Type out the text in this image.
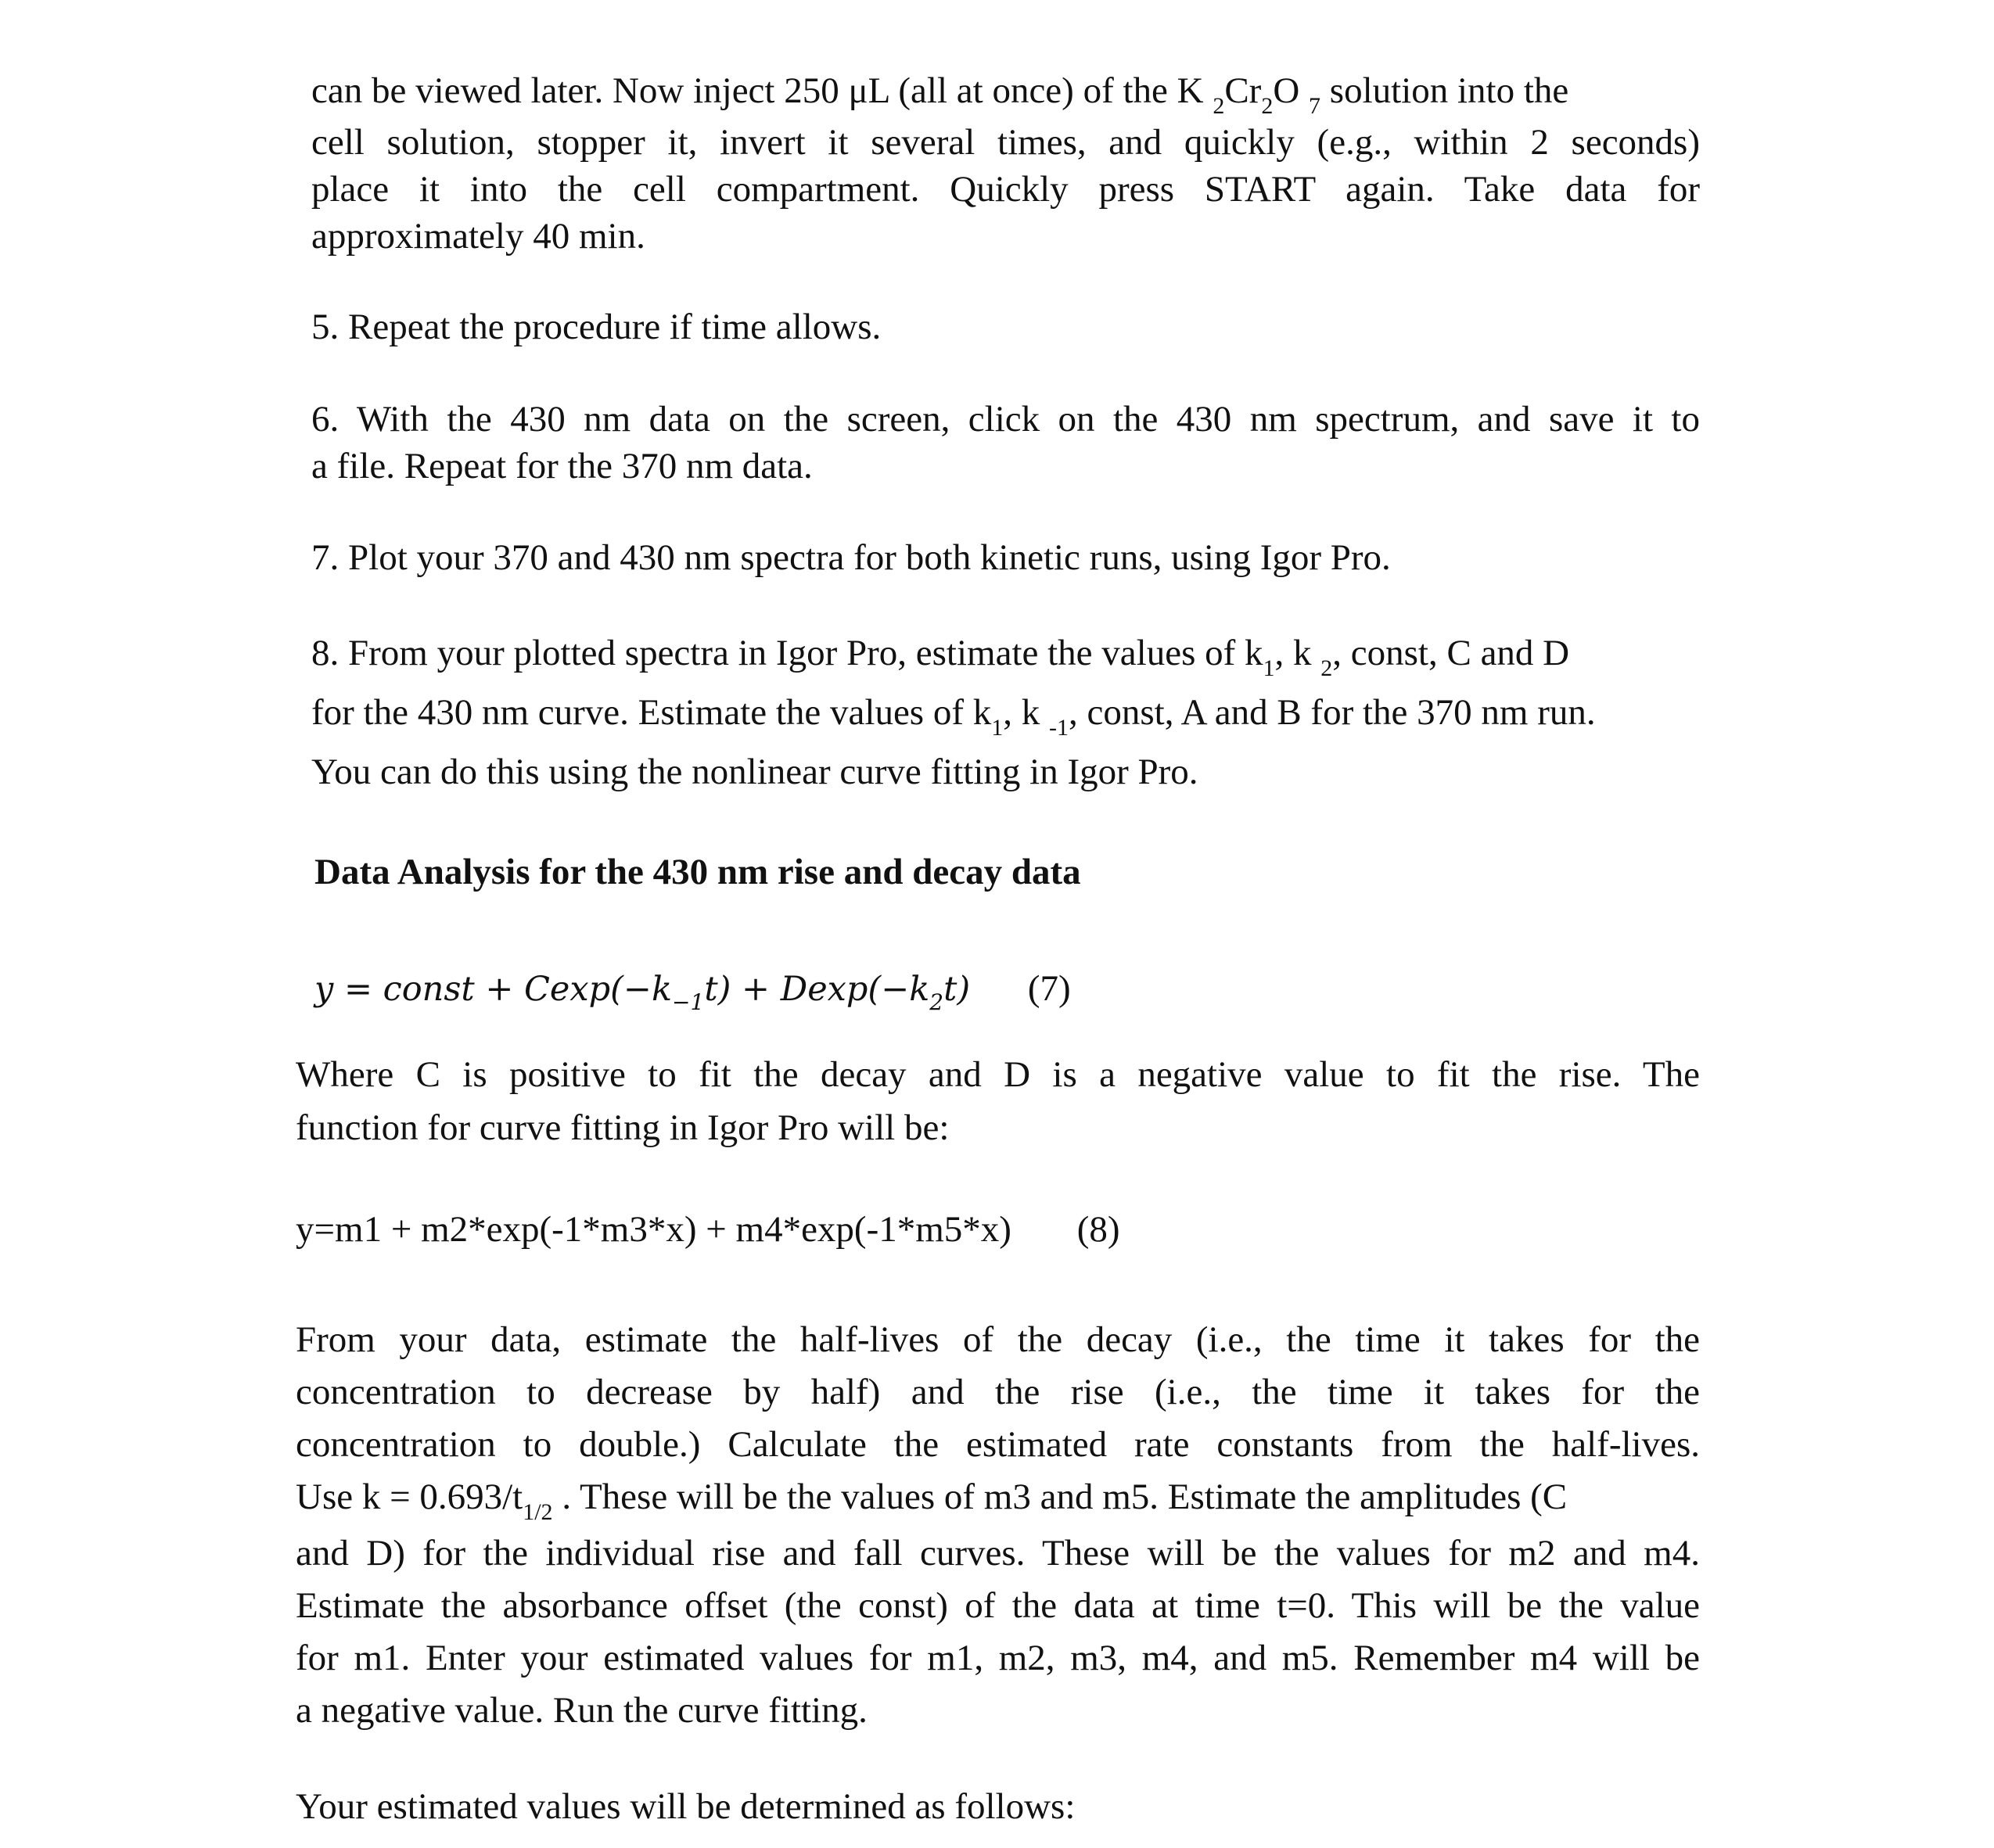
can be viewed later. Now inject 250 μL (all at once) of the K $_2Cr_2O$ $_7$ solution into the
cell solution, stopper it, invert it several times, and quickly (e.g., within 2 seconds)
place it into the cell compartment. Quickly press START again. Take data for
approximately 40 min.
5. Repeat the procedure if time allows.
6. With the 430 nm data on the screen, click on the 430 nm spectrum, and save it to
a file. Repeat for the 370 nm data.
7. Plot your 370 and 430 nm spectra for both kinetic runs, using Igor Pro.
8. From your plotted spectra in Igor Pro, estimate the values of $k_1$, k $_2$, const, C and D
for the 430 nm curve. Estimate the values of $k_1$, k $_{-1}$, const, A and B for the 370 nm run.
You can do this using the nonlinear curve fitting in Igor Pro.
Data Analysis for the 430 nm rise and decay data
y = const + $Cexp(-k_{-1}t) + Dexp(-k_2t)$ (7)
Where C is positive to fit the decay and D is a negative value to fit the rise. The
function for curve fitting in Igor Pro will be:
y=m1 + m2*exp(-1*m3*x) + m4*exp(-1*m5*x) (8)
From your data, estimate the half-lives of the decay (i.e., the time it takes for the
concentration to decrease by half) and the rise (i.e., the time it takes for the
concentration to double.) Calculate the estimated rate constants from the half-lives.
Use $k = 0.693/t_{1/2}$ . These will be the values of m3 and m5. Estimate the amplitudes (C
and D) for the individual rise and fall curves. These will be the values for m2 and m4.
Estimate the absorbance offset (the const) of the data at time t=0. This will be the value
for m1. Enter your estimated values for m1, m2, m3, m4, and m5. Remember m4 will be
a negative value. Run the curve fitting.
Your estimated values will be determined as follows:
